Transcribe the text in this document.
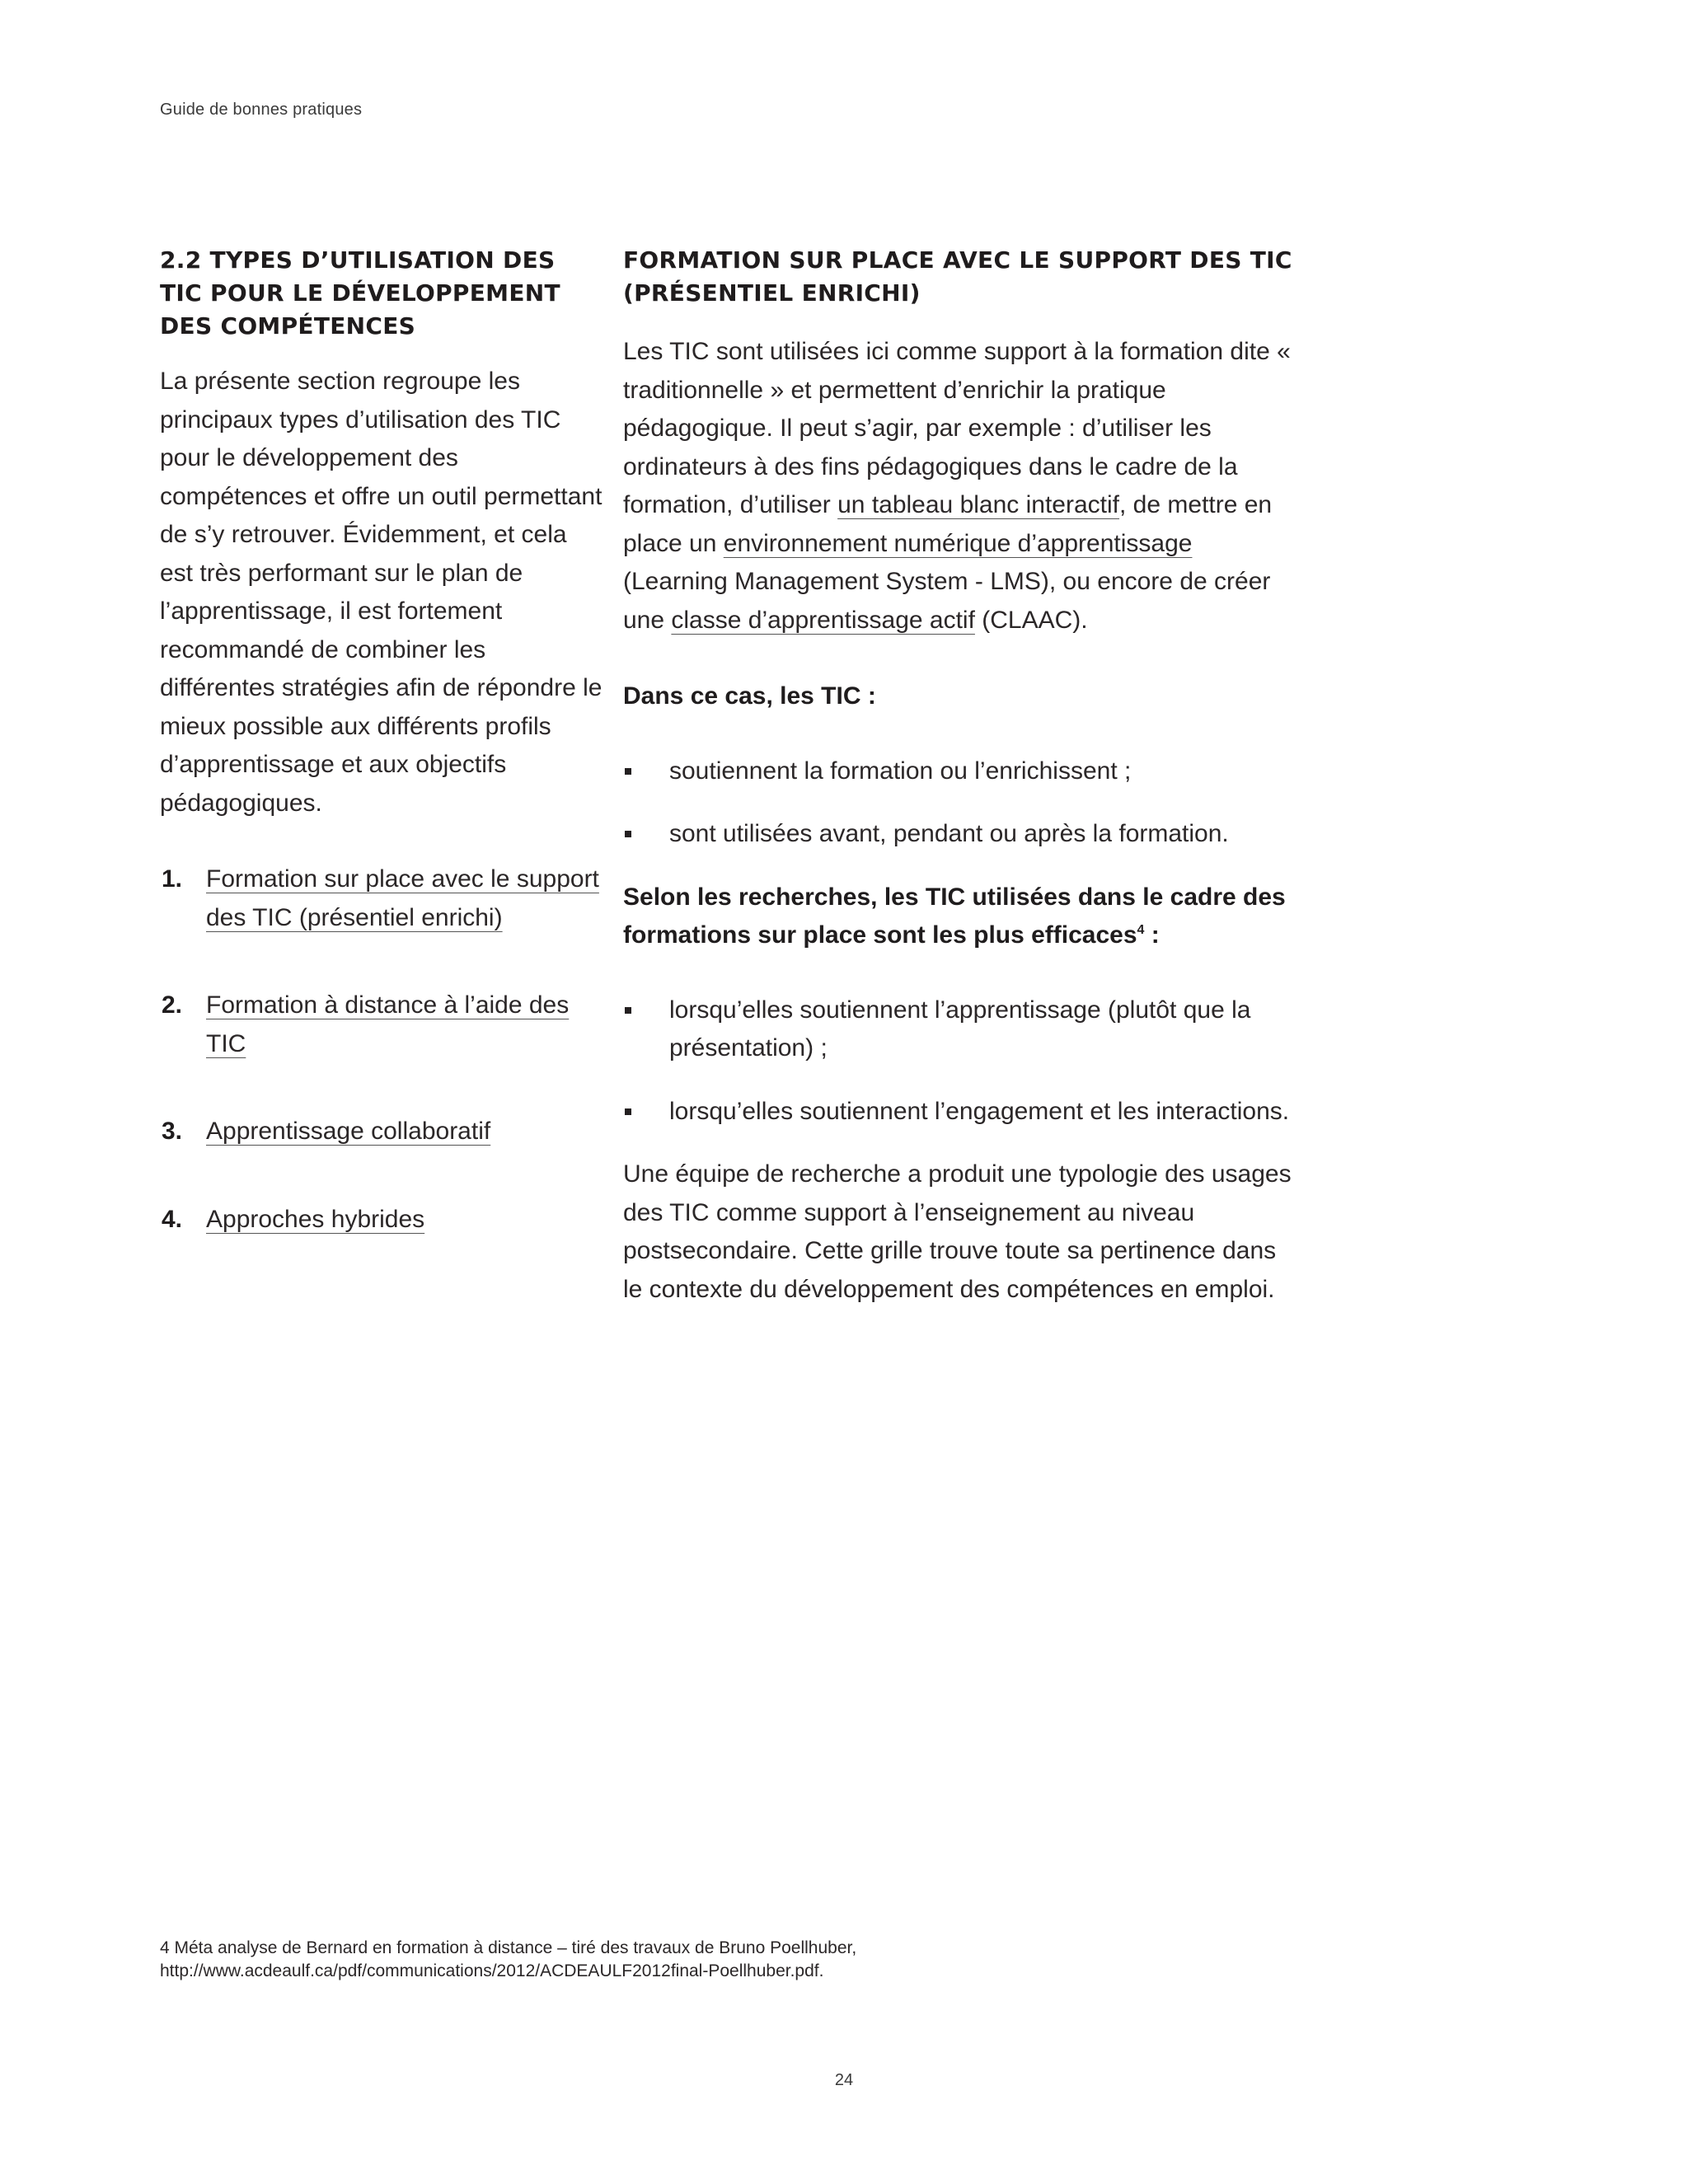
Guide de bonnes pratiques
2.2 TYPES D’UTILISATION DES TIC POUR LE DÉVELOPPEMENT DES COMPÉTENCES

La présente section regroupe les principaux types d’utilisation des TIC pour le développement des compétences et offre un outil permettant de s’y retrouver. Évidemment, et cela est très performant sur le plan de l’apprentissage, il est fortement recommandé de combiner les différentes stratégies afin de répondre le mieux possible aux différents profils d’apprentissage et aux objectifs pédagogiques.

1. Formation sur place avec le support des TIC (présentiel enrichi)
2. Formation à distance à l’aide des TIC
3. Apprentissage collaboratif
4. Approches hybrides
FORMATION SUR PLACE AVEC LE SUPPORT DES TIC (PRÉSENTIEL ENRICHI)

Les TIC sont utilisées ici comme support à la formation dite « traditionnelle » et permettent d’enrichir la pratique pédagogique. Il peut s’agir, par exemple : d’utiliser les ordinateurs à des fins pédagogiques dans le cadre de la formation, d’utiliser un tableau blanc interactif, de mettre en place un environnement numérique d’apprentissage (Learning Management System - LMS), ou encore de créer une classe d’apprentissage actif (CLAAC).

Dans ce cas, les TIC :

soutiennent la formation ou l’enrichissent ;
sont utilisées avant, pendant ou après la formation.

Selon les recherches, les TIC utilisées dans le cadre des formations sur place sont les plus efficaces$^4$ :

lorsqu’elles soutiennent l’apprentissage (plutôt que la présentation) ;
lorsqu’elles soutiennent l’engagement et les interactions.

Une équipe de recherche a produit une typologie des usages des TIC comme support à l’enseignement au niveau postsecondaire. Cette grille trouve toute sa pertinence dans le contexte du développement des compétences en emploi.

4 Méta analyse de Bernard en formation à distance – tiré des travaux de Bruno Poellhuber, http://www.acdeaulf.ca/pdf/communications/2012/ACDEAULF2012final-Poellhuber.pdf.
24
